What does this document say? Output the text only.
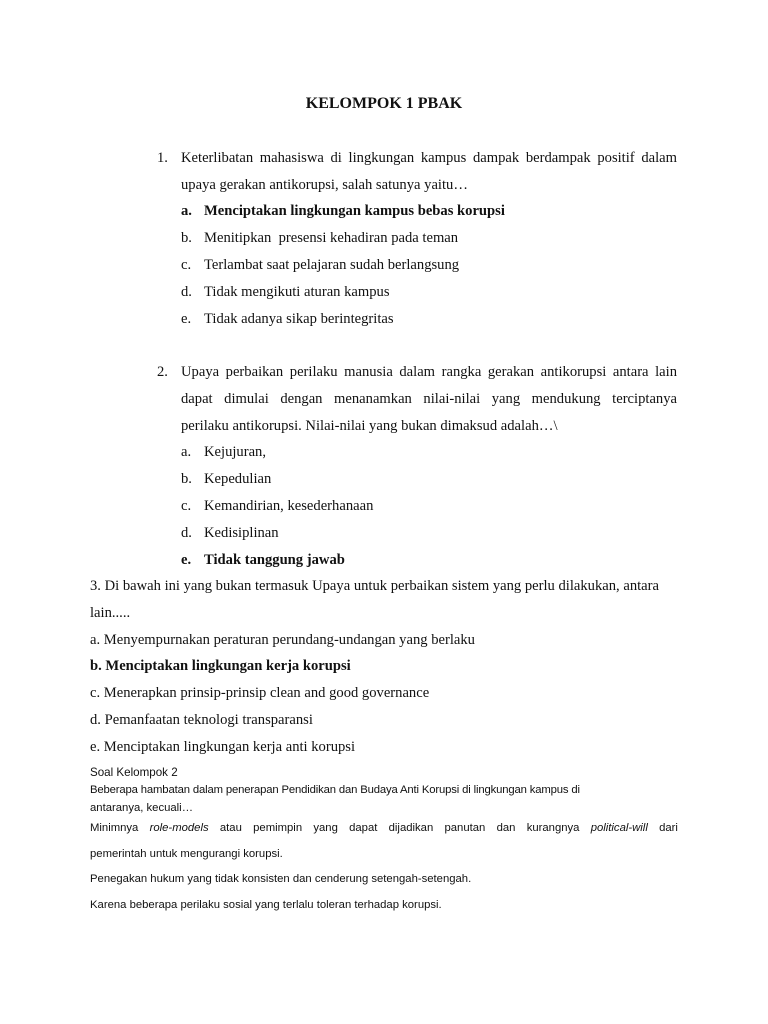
KELOMPOK 1 PBAK
1. Keterlibatan mahasiswa di lingkungan kampus dampak berdampak positif dalam
upaya gerakan antikorupsi, salah satunya yaitu…
a. Menciptakan lingkungan kampus bebas korupsi
b. Menitipkan  presensi kehadiran pada teman
c. Terlambat saat pelajaran sudah berlangsung
d. Tidak mengikuti aturan kampus
e. Tidak adanya sikap berintegritas
2. Upaya perbaikan perilaku manusia dalam rangka gerakan antikorupsi antara lain
dapat dimulai dengan menanamkan nilai-nilai yang mendukung terciptanya
perilaku antikorupsi. Nilai-nilai yang bukan dimaksud adalah…\
a. Kejujuran,
b. Kepedulian
c. Kemandirian, kesederhanaan
d. Kedisiplinan
e. Tidak tanggung jawab
3. Di bawah ini yang bukan termasuk Upaya untuk perbaikan sistem yang perlu dilakukan, antara
lain.....
a. Menyempurnakan peraturan perundang-undangan yang berlaku
b. Menciptakan lingkungan kerja korupsi
c. Menerapkan prinsip-prinsip clean and good governance
d. Pemanfaatan teknologi transparansi
e. Menciptakan lingkungan kerja anti korupsi
Soal Kelompok 2
Beberapa hambatan dalam penerapan Pendidikan dan Budaya Anti Korupsi di lingkungan kampus di
antaranya, kecuali…
Minimnya role-models atau pemimpin yang dapat dijadikan panutan dan kurangnya political-will dari
pemerintah untuk mengurangi korupsi.
Penegakan hukum yang tidak konsisten dan cenderung setengah-setengah.
Karena beberapa perilaku sosial yang terlalu toleran terhadap korupsi.
